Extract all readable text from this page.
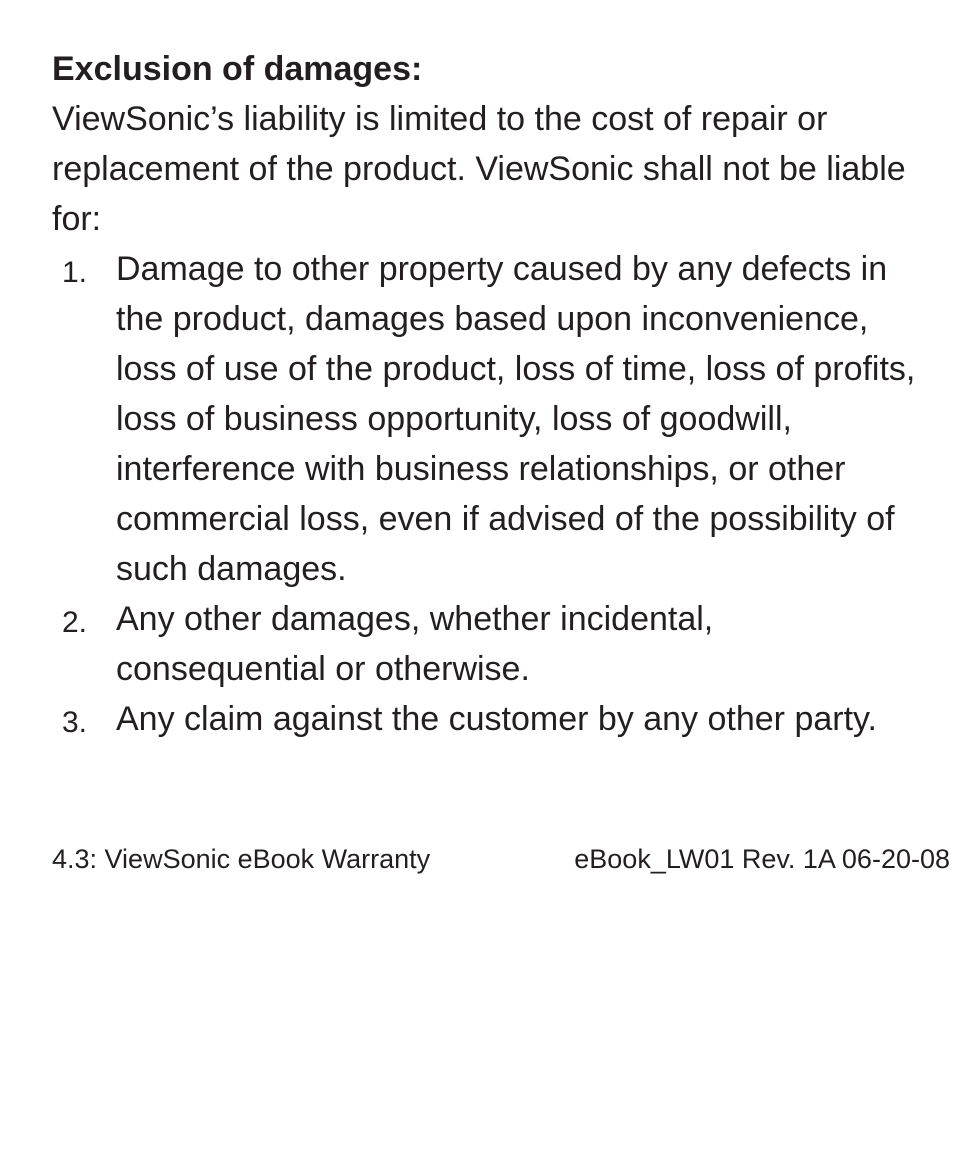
Exclusion of damages:

ViewSonic’s liability is limited to the cost of repair or replacement of the product. ViewSonic shall not be liable for:

1. Damage to other property caused by any defects in the product, damages based upon inconvenience, loss of use of the product, loss of time, loss of profits, loss of business opportunity, loss of goodwill, interference with business relationships, or other commercial loss, even if advised of the possibility of such damages.
2. Any other damages, whether incidental, consequential or otherwise.
3. Any claim against the customer by any other party.
4.3: ViewSonic eBook Warranty	eBook_LW01 Rev. 1A 06-20-08
